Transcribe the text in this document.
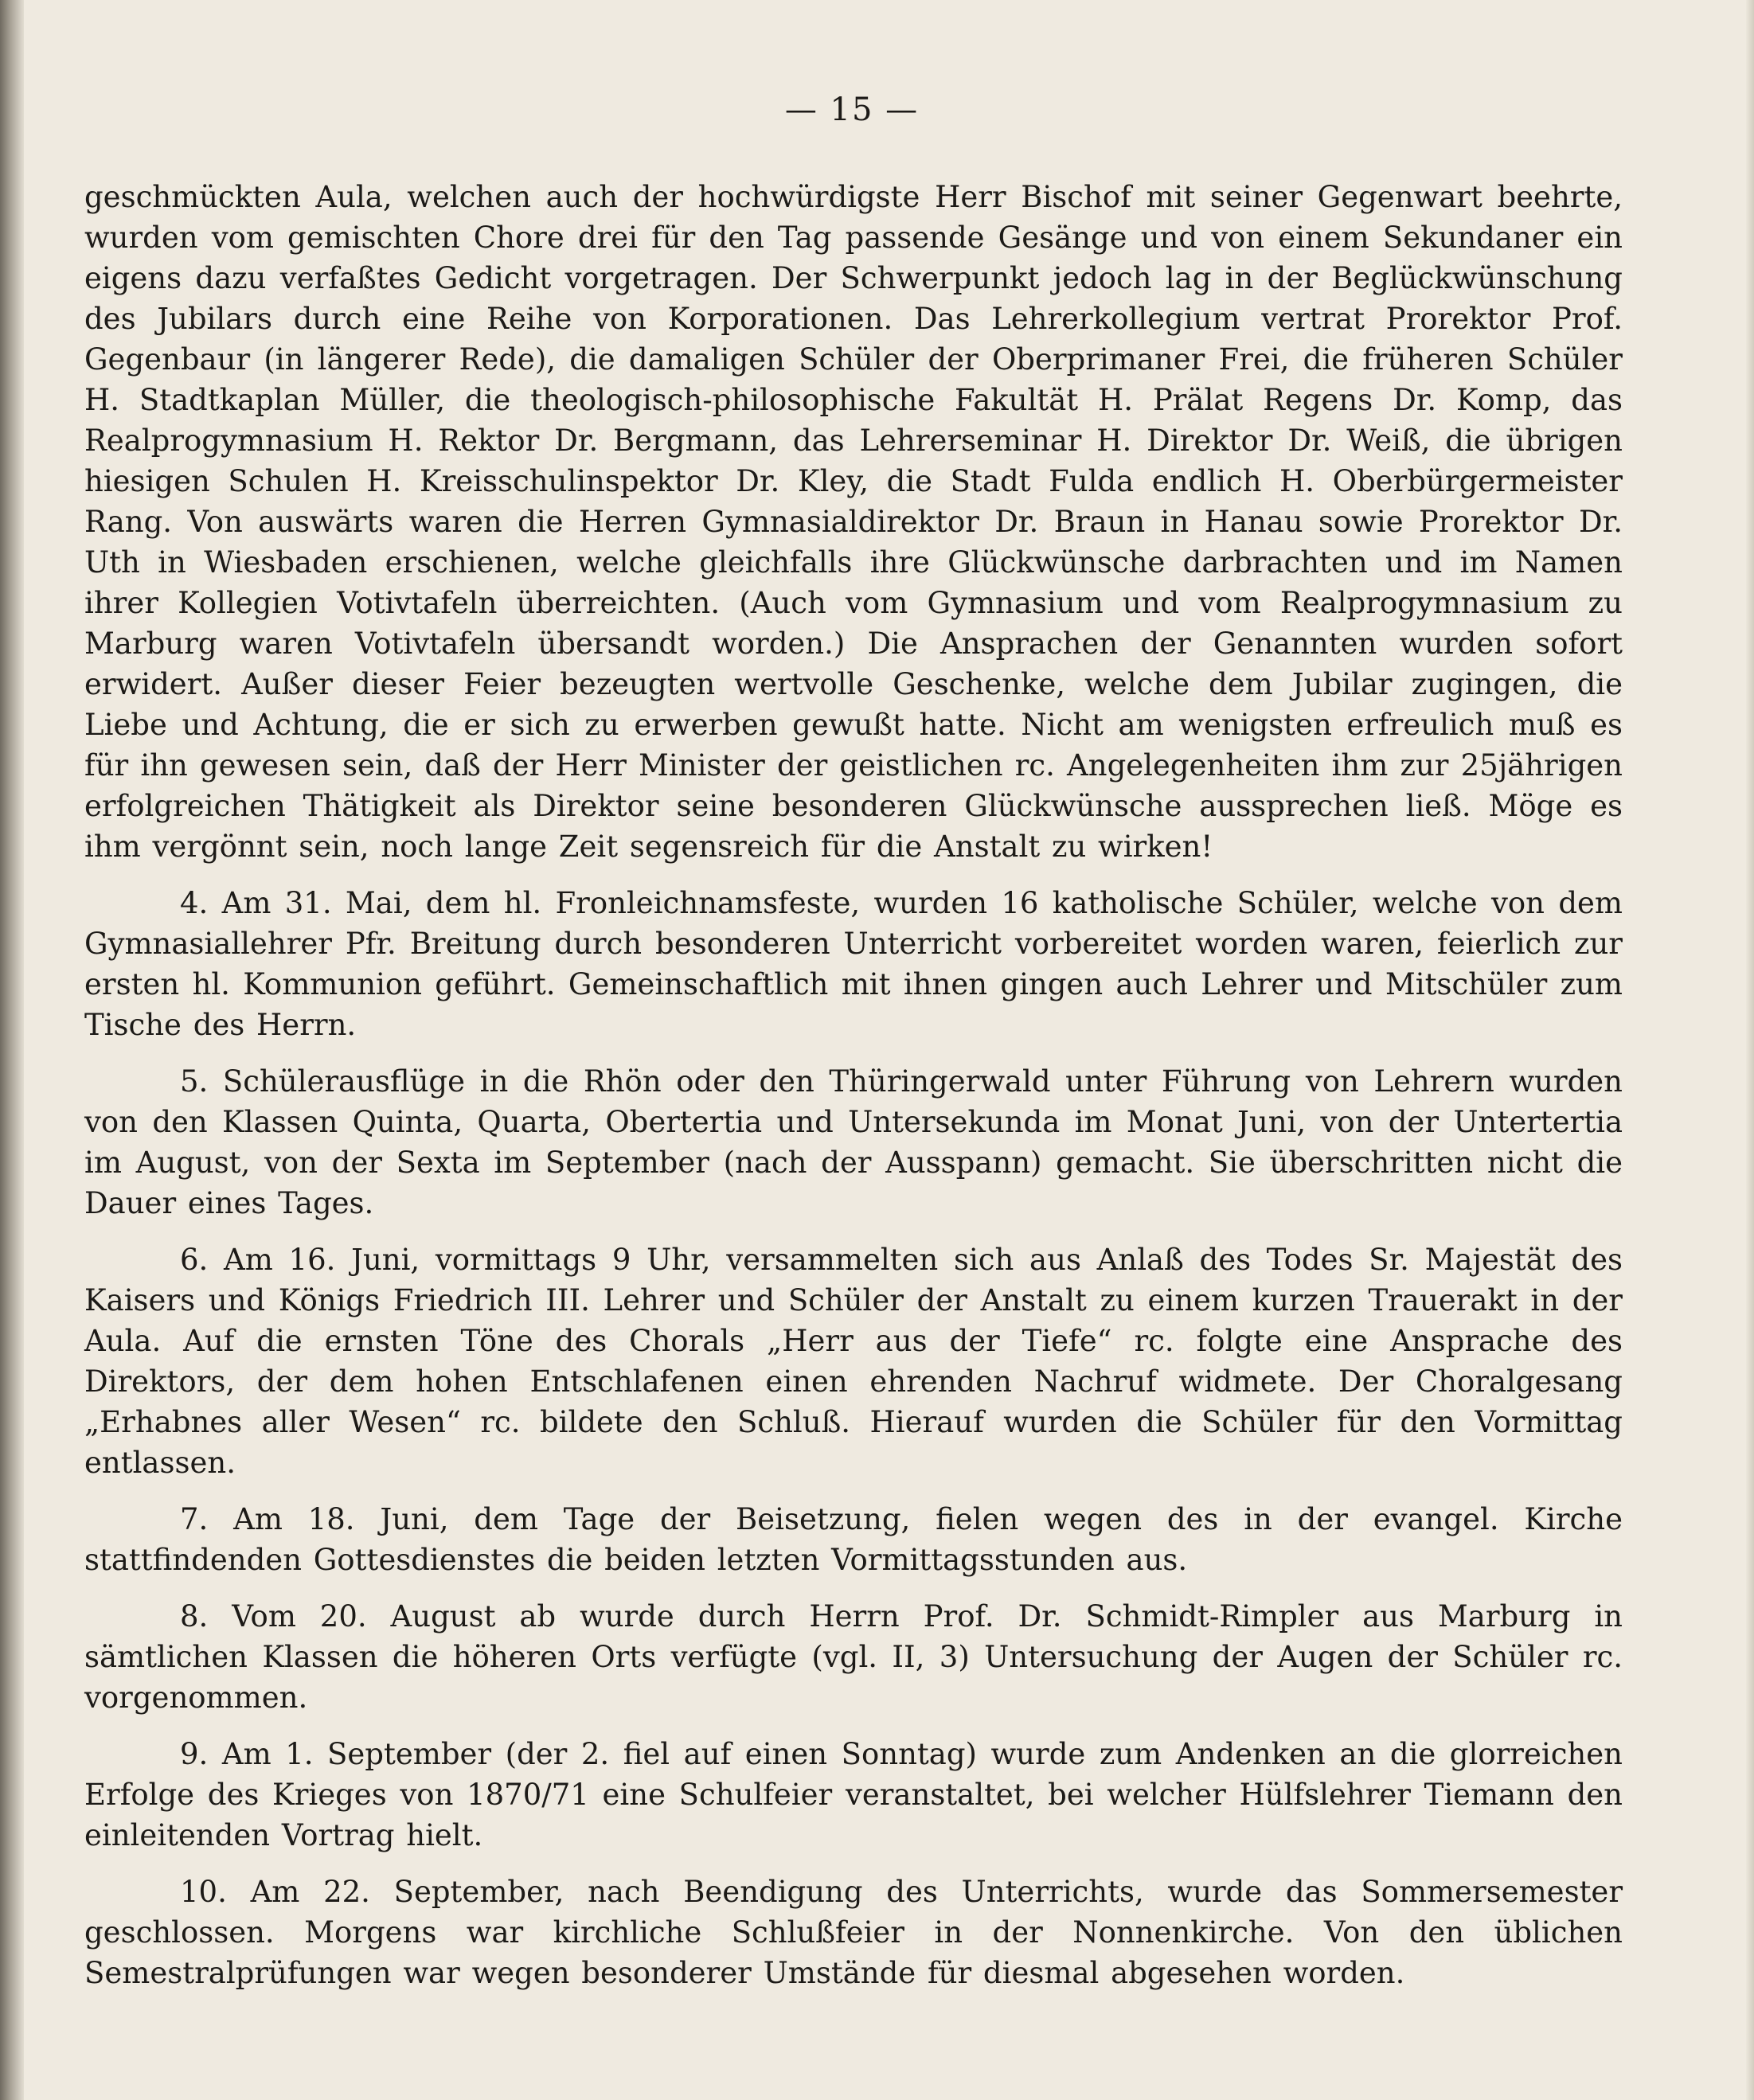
— 15 —

geschmückten Aula, welchen auch der hochwürdigste Herr Bischof mit seiner Gegenwart beehrte, wurden vom gemischten Chore drei für den Tag passende Gesänge und von einem Sekundaner ein eigens dazu verfaßtes Gedicht vorgetragen. Der Schwerpunkt jedoch lag in der Beglückwünschung des Jubilars durch eine Reihe von Korporationen. Das Lehrerkollegium vertrat Prorektor Prof. Gegenbaur (in längerer Rede), die damaligen Schüler der Oberprimaner Frei, die früheren Schüler H. Stadtkaplan Müller, die theologisch-philosophische Fakultät H. Prälat Regens Dr. Komp, das Realprogymnasium H. Rektor Dr. Bergmann, das Lehrerseminar H. Direktor Dr. Weiß, die übrigen hiesigen Schulen H. Kreisschulinspektor Dr. Kley, die Stadt Fulda endlich H. Oberbürgermeister Rang. Von auswärts waren die Herren Gymnasialdirektor Dr. Braun in Hanau sowie Prorektor Dr. Uth in Wiesbaden erschienen, welche gleichfalls ihre Glückwünsche darbrachten und im Namen ihrer Kollegien Votivtafeln überreichten. (Auch vom Gymnasium und vom Realprogymnasium zu Marburg waren Votivtafeln übersandt worden.) Die Ansprachen der Genannten wurden sofort erwidert. Außer dieser Feier bezeugten wertvolle Geschenke, welche dem Jubilar zugingen, die Liebe und Achtung, die er sich zu erwerben gewußt hatte. Nicht am wenigsten erfreulich muß es für ihn gewesen sein, daß der Herr Minister der geistlichen rc. Angelegenheiten ihm zur 25jährigen erfolgreichen Thätigkeit als Direktor seine besonderen Glückwünsche aussprechen ließ. Möge es ihm vergönnt sein, noch lange Zeit segensreich für die Anstalt zu wirken!

4. Am 31. Mai, dem hl. Fronleichnamsfeste, wurden 16 katholische Schüler, welche von dem Gymnasiallehrer Pfr. Breitung durch besonderen Unterricht vorbereitet worden waren, feierlich zur ersten hl. Kommunion geführt. Gemeinschaftlich mit ihnen gingen auch Lehrer und Mitschüler zum Tische des Herrn.

5. Schülerausflüge in die Rhön oder den Thüringerwald unter Führung von Lehrern wurden von den Klassen Quinta, Quarta, Obertertia und Untersekunda im Monat Juni, von der Untertertia im August, von der Sexta im September (nach der Ausspann) gemacht. Sie überschritten nicht die Dauer eines Tages.

6. Am 16. Juni, vormittags 9 Uhr, versammelten sich aus Anlaß des Todes Sr. Majestät des Kaisers und Königs Friedrich III. Lehrer und Schüler der Anstalt zu einem kurzen Trauerakt in der Aula. Auf die ernsten Töne des Chorals „Herr aus der Tiefe“ rc. folgte eine Ansprache des Direktors, der dem hohen Entschlafenen einen ehrenden Nachruf widmete. Der Choralgesang „Erhabnes aller Wesen“ rc. bildete den Schluß. Hierauf wurden die Schüler für den Vormittag entlassen.

7. Am 18. Juni, dem Tage der Beisetzung, fielen wegen des in der evangel. Kirche stattfindenden Gottesdienstes die beiden letzten Vormittagsstunden aus.

8. Vom 20. August ab wurde durch Herrn Prof. Dr. Schmidt-Rimpler aus Marburg in sämtlichen Klassen die höheren Orts verfügte (vgl. II, 3) Untersuchung der Augen der Schüler rc. vorgenommen.

9. Am 1. September (der 2. fiel auf einen Sonntag) wurde zum Andenken an die glorreichen Erfolge des Krieges von 1870/71 eine Schulfeier veranstaltet, bei welcher Hülfslehrer Tiemann den einleitenden Vortrag hielt.

10. Am 22. September, nach Beendigung des Unterrichts, wurde das Sommersemester geschlossen. Morgens war kirchliche Schlußfeier in der Nonnenkirche. Von den üblichen Semestralprüfungen war wegen besonderer Umstände für diesmal abgesehen worden.
